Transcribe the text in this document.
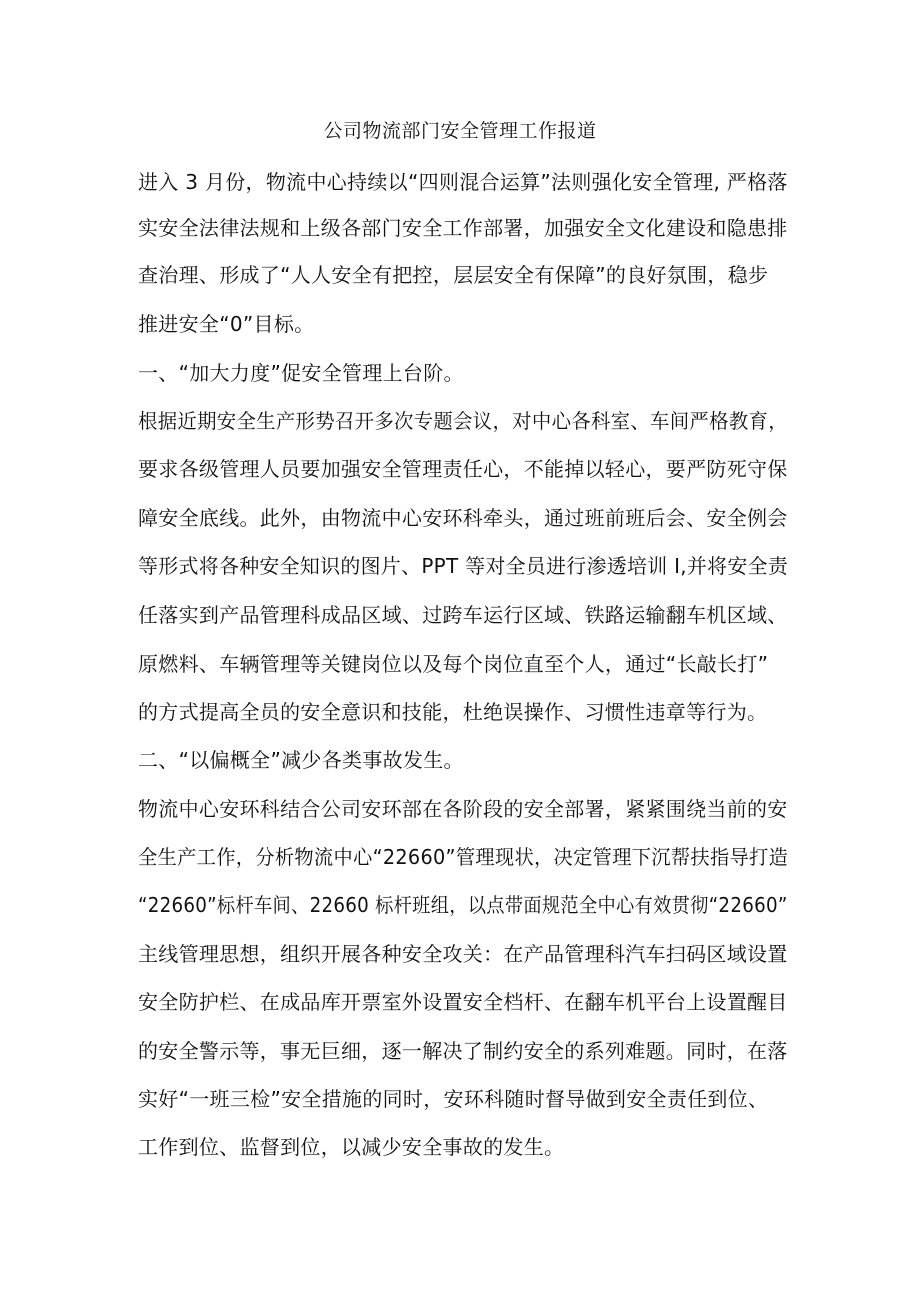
公司物流部门安全管理工作报道
进入 3 月份，物流中心持续以“四则混合运算”法则强化安全管理, 严格落
实安全法律法规和上级各部门安全工作部署，加强安全文化建设和隐患排
查治理、形成了“人人安全有把控，层层安全有保障”的良好氛围，稳步
推进安全“0”目标。
一、“加大力度”促安全管理上台阶。
根据近期安全生产形势召开多次专题会议，对中心各科室、车间严格教育，
要求各级管理人员要加强安全管理责任心，不能掉以轻心，要严防死守保
障安全底线。此外，由物流中心安环科牵头，通过班前班后会、安全例会
等形式将各种安全知识的图片、PPT 等对全员进行渗透培训 I,并将安全责
任落实到产品管理科成品区域、过跨车运行区域、铁路运输翻车机区域、
原燃料、车辆管理等关键岗位以及每个岗位直至个人，通过“长敲长打”
的方式提高全员的安全意识和技能，杜绝误操作、习惯性违章等行为。
二、“以偏概全”减少各类事故发生。
物流中心安环科结合公司安环部在各阶段的安全部署，紧紧围绕当前的安
全生产工作，分析物流中心“22660”管理现状，决定管理下沉帮扶指导打造
“22660”标杆车间、22660 标杆班组，以点带面规范全中心有效贯彻“22660”
主线管理思想，组织开展各种安全攻关：在产品管理科汽车扫码区域设置
安全防护栏、在成品库开票室外设置安全档杆、在翻车机平台上设置醒目
的安全警示等，事无巨细，逐一解决了制约安全的系列难题。同时，在落
实好“一班三检”安全措施的同时，安环科随时督导做到安全责任到位、
工作到位、监督到位，以减少安全事故的发生。
